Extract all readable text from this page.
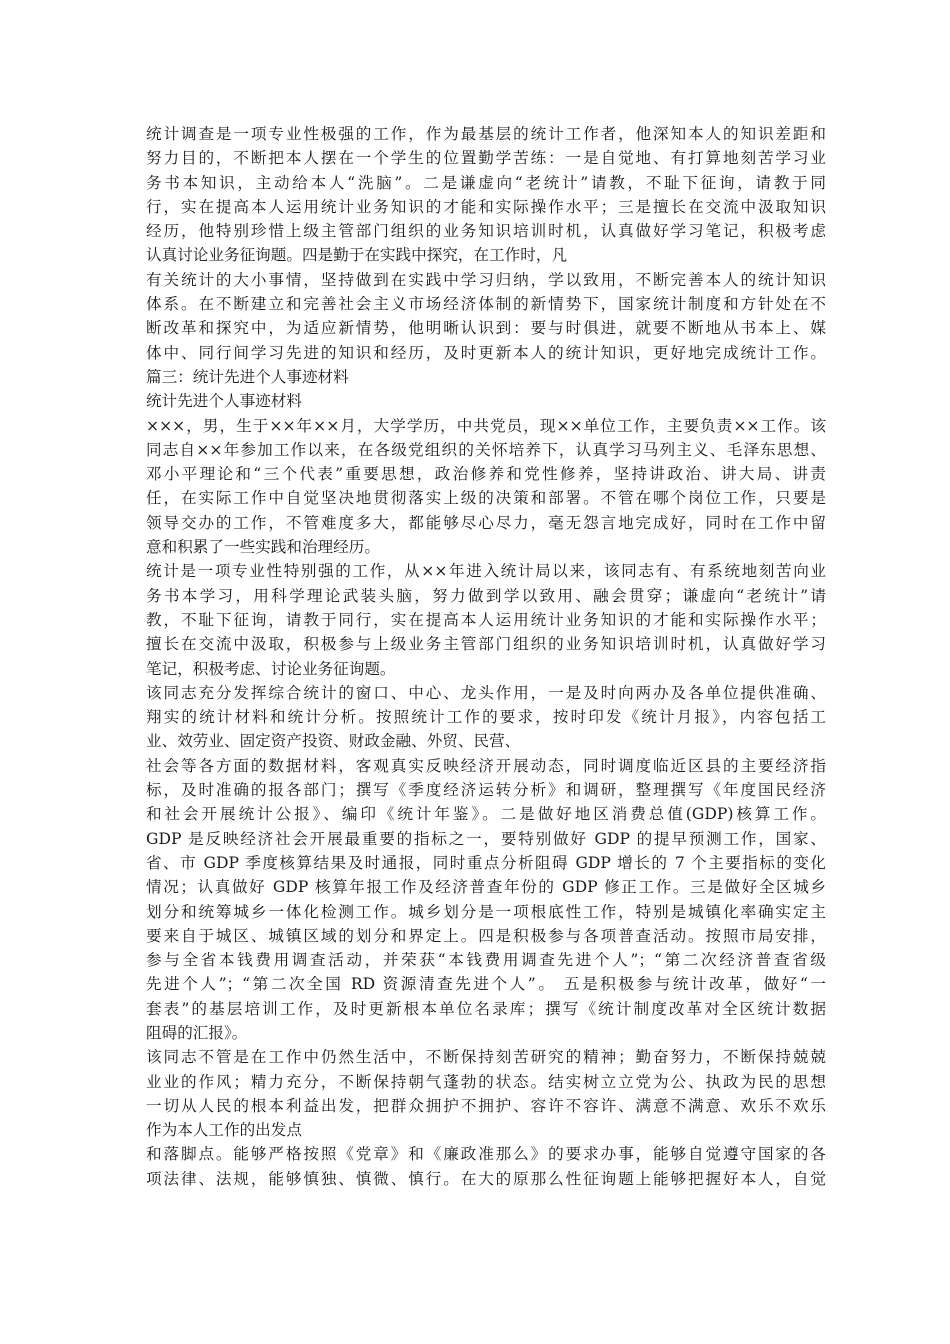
统计调查是一项专业性极强的工作，作为最基层的统计工作者，他深知本人的知识差距和
努力目的，不断把本人摆在一个学生的位置勤学苦练：一是自觉地、有打算地刻苦学习业
务书本知识，主动给本人“洗脑”。二是谦虚向“老统计”请教，不耻下征询，请教于同
行，实在提高本人运用统计业务知识的才能和实际操作水平；三是擅长在交流中汲取知识
经历，他特别珍惜上级主管部门组织的业务知识培训时机，认真做好学习笔记，积极考虑
认真讨论业务征询题。四是勤于在实践中探究，在工作时，凡
有关统计的大小事情，坚持做到在实践中学习归纳，学以致用，不断完善本人的统计知识
体系。在不断建立和完善社会主义市场经济体制的新情势下，国家统计制度和方针处在不
断改革和探究中，为适应新情势，他明晰认识到：要与时俱进，就要不断地从书本上、媒
体中、同行间学习先进的知识和经历，及时更新本人的统计知识，更好地完成统计工作。
篇三：统计先进个人事迹材料
统计先进个人事迹材料
×××，男，生于××年××月，大学学历，中共党员，现××单位工作，主要负责××工作。该
同志自××年参加工作以来，在各级党组织的关怀培养下，认真学习马列主义、毛泽东思想、
邓小平理论和“三个代表”重要思想，政治修养和党性修养，坚持讲政治、讲大局、讲责
任，在实际工作中自觉坚决地贯彻落实上级的决策和部署。不管在哪个岗位工作，只要是
领导交办的工作，不管难度多大，都能够尽心尽力，毫无怨言地完成好，同时在工作中留
意和积累了一些实践和治理经历。
统计是一项专业性特别强的工作，从××年进入统计局以来，该同志有、有系统地刻苦向业
务书本学习，用科学理论武装头脑，努力做到学以致用、融会贯穿；谦虚向“老统计”请
教，不耻下征询，请教于同行，实在提高本人运用统计业务知识的才能和实际操作水平；
擅长在交流中汲取，积极参与上级业务主管部门组织的业务知识培训时机，认真做好学习
笔记，积极考虑、讨论业务征询题。
该同志充分发挥综合统计的窗口、中心、龙头作用，一是及时向两办及各单位提供准确、
翔实的统计材料和统计分析。按照统计工作的要求，按时印发《统计月报》，内容包括工
业、效劳业、固定资产投资、财政金融、外贸、民营、
社会等各方面的数据材料，客观真实反映经济开展动态，同时调度临近区县的主要经济指
标，及时准确的报各部门；撰写《季度经济运转分析》和调研，整理撰写《年度国民经济
和社会开展统计公报》、编印《统计年鉴》。二是做好地区消费总值(GDP)核算工作。
GDP 是反映经济社会开展最重要的指标之一，要特别做好 GDP 的提早预测工作，国家、
省、市 GDP 季度核算结果及时通报，同时重点分析阻碍 GDP 增长的 7 个主要指标的变化
情况；认真做好 GDP 核算年报工作及经济普查年份的 GDP 修正工作。三是做好全区城乡
划分和统筹城乡一体化检测工作。城乡划分是一项根底性工作，特别是城镇化率确实定主
要来自于城区、城镇区域的划分和界定上。四是积极参与各项普查活动。按照市局安排，
参与全省本钱费用调查活动，并荣获“本钱费用调查先进个人”；“第二次经济普查省级
先进个人”；“第二次全国 RD 资源清查先进个人”。 五是积极参与统计改革，做好“一
套表”的基层培训工作，及时更新根本单位名录库；撰写《统计制度改革对全区统计数据
阻碍的汇报》。
该同志不管是在工作中仍然生活中，不断保持刻苦研究的精神；勤奋努力，不断保持兢兢
业业的作风；精力充分，不断保持朝气蓬勃的状态。结实树立立党为公、执政为民的思想
一切从人民的根本利益出发，把群众拥护不拥护、容许不容许、满意不满意、欢乐不欢乐
作为本人工作的出发点
和落脚点。能够严格按照《党章》和《廉政准那么》的要求办事，能够自觉遵守国家的各
项法律、法规，能够慎独、慎微、慎行。在大的原那么性征询题上能够把握好本人，自觉
